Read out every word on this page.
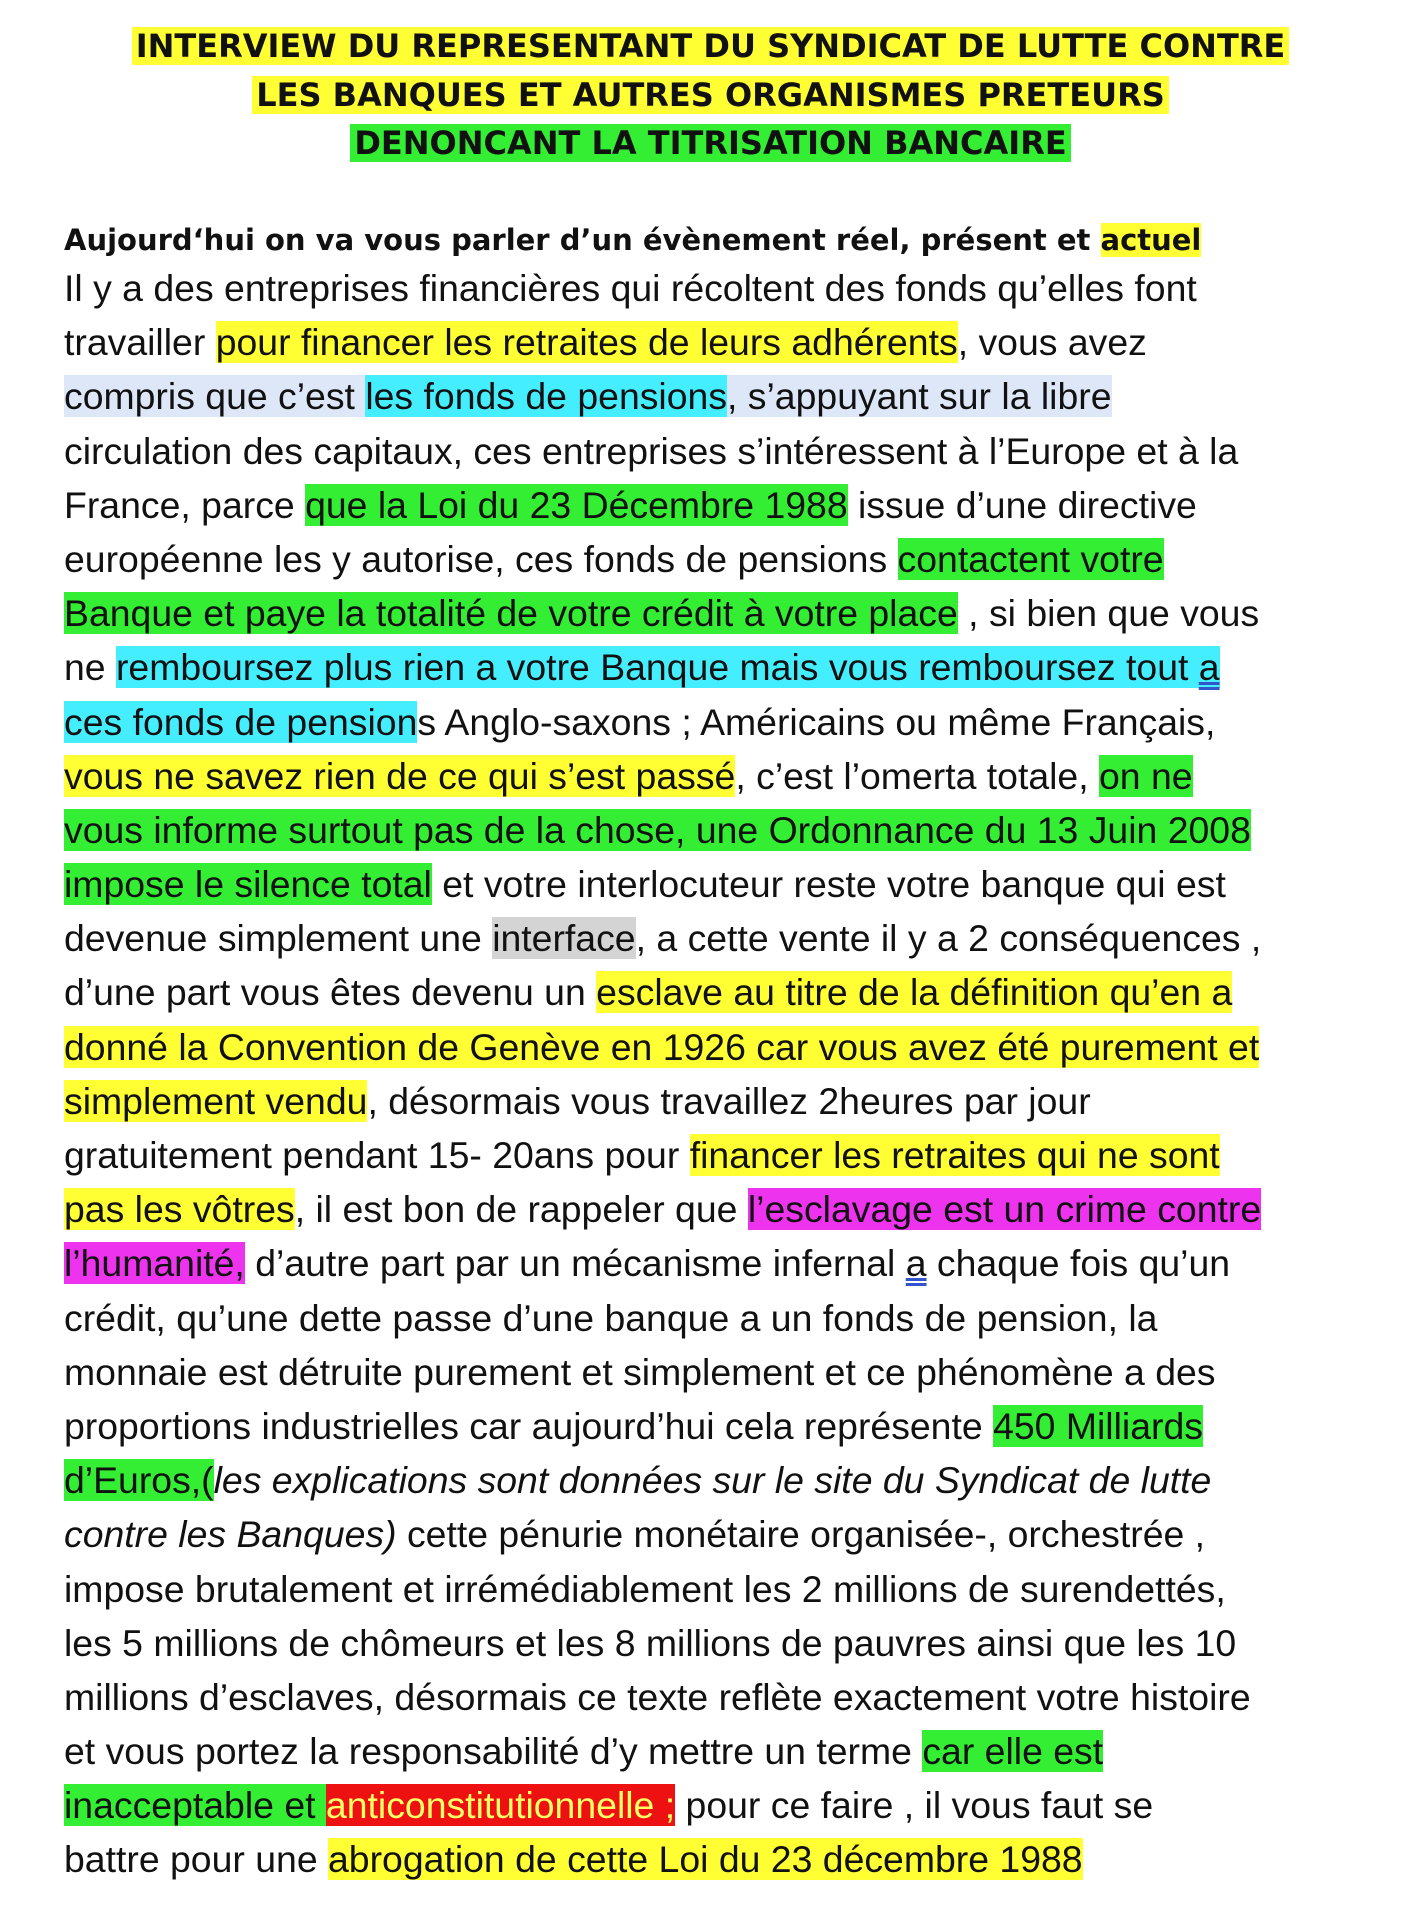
INTERVIEW DU REPRESENTANT DU SYNDICAT DE LUTTE CONTRE
LES BANQUES ET AUTRES ORGANISMES PRETEURS
DENONCANT LA TITRISATION BANCAIRE
Aujourd‘hui on va vous parler d’un évènement réel, présent et actuel
Il y a des entreprises financières qui récoltent des fonds qu’elles font
travailler pour financer les retraites de leurs adhérents, vous avez
compris que c’est les fonds de pensions, s’appuyant sur la libre
circulation des capitaux, ces entreprises s’intéressent à l’Europe et à la
France, parce que la Loi du 23 Décembre 1988 issue d’une directive
européenne les y autorise, ces fonds de pensions contactent votre
Banque et paye la totalité de votre crédit à votre place , si bien que vous
ne remboursez plus rien a votre Banque mais vous remboursez tout a
ces fonds de pensions Anglo-saxons ; Américains ou même Français,
vous ne savez rien de ce qui s’est passé, c’est l’omerta totale, on ne
vous informe surtout pas de la chose, une Ordonnance du 13 Juin 2008
impose le silence total et votre interlocuteur reste votre banque qui est
devenue simplement une interface, a cette vente il y a 2 conséquences ,
d’une part vous êtes devenu un esclave au titre de la définition qu’en a
donné la Convention de Genève en 1926 car vous avez été purement et
simplement vendu, désormais vous travaillez 2heures par jour
gratuitement pendant 15- 20ans pour financer les retraites qui ne sont
pas les vôtres, il est bon de rappeler que l’esclavage est un crime contre
l’humanité, d’autre part par un mécanisme infernal a chaque fois qu’un
crédit, qu’une dette passe d’une banque a un fonds de pension, la
monnaie est détruite purement et simplement et ce phénomène a des
proportions industrielles car aujourd’hui cela représente 450 Milliards
d’Euros,(les explications sont données sur le site du Syndicat de lutte
contre les Banques) cette pénurie monétaire organisée-, orchestrée ,
impose brutalement et irrémédiablement les 2 millions de surendettés,
les 5 millions de chômeurs et les 8 millions de pauvres ainsi que les 10
millions d’esclaves, désormais ce texte reflète exactement votre histoire
et vous portez la responsabilité d’y mettre un terme car elle est
inacceptable et anticonstitutionnelle ; pour ce faire , il vous faut se
battre pour une abrogation de cette Loi du 23 décembre 1988
